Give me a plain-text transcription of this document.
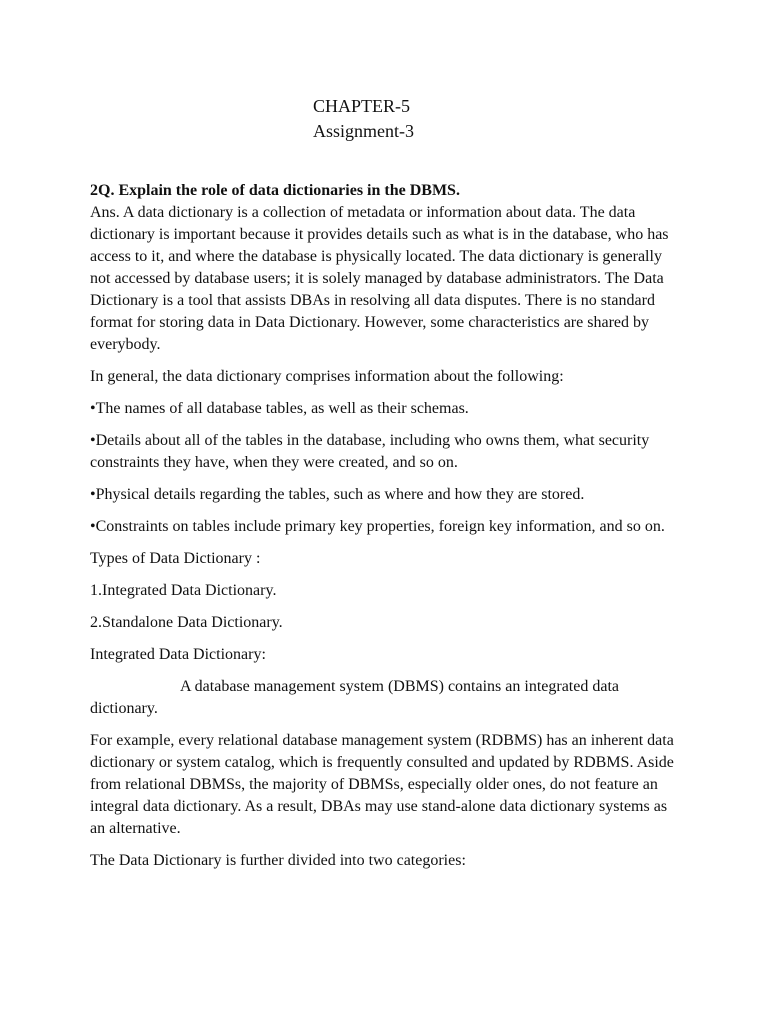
CHAPTER-5
Assignment-3

2Q. Explain the role of data dictionaries in the DBMS.

Ans. A data dictionary is a collection of metadata or information about data. The data dictionary is important because it provides details such as what is in the database, who has access to it, and where the database is physically located. The data dictionary is generally not accessed by database users; it is solely managed by database administrators. The Data Dictionary is a tool that assists DBAs in resolving all data disputes. There is no standard format for storing data in Data Dictionary. However, some characteristics are shared by everybody.

In general, the data dictionary comprises information about the following:

•The names of all database tables, as well as their schemas.
•Details about all of the tables in the database, including who owns them, what security constraints they have, when they were created, and so on.
•Physical details regarding the tables, such as where and how they are stored.
•Constraints on tables include primary key properties, foreign key information, and so on.

Types of Data Dictionary :

1.Integrated Data Dictionary.
2.Standalone Data Dictionary.

Integrated Data Dictionary:

A database management system (DBMS) contains an integrated data dictionary.

For example, every relational database management system (RDBMS) has an inherent data dictionary or system catalog, which is frequently consulted and updated by RDBMS. Aside from relational DBMSs, the majority of DBMSs, especially older ones, do not feature an integral data dictionary. As a result, DBAs may use stand-alone data dictionary systems as an alternative.

The Data Dictionary is further divided into two categories:
